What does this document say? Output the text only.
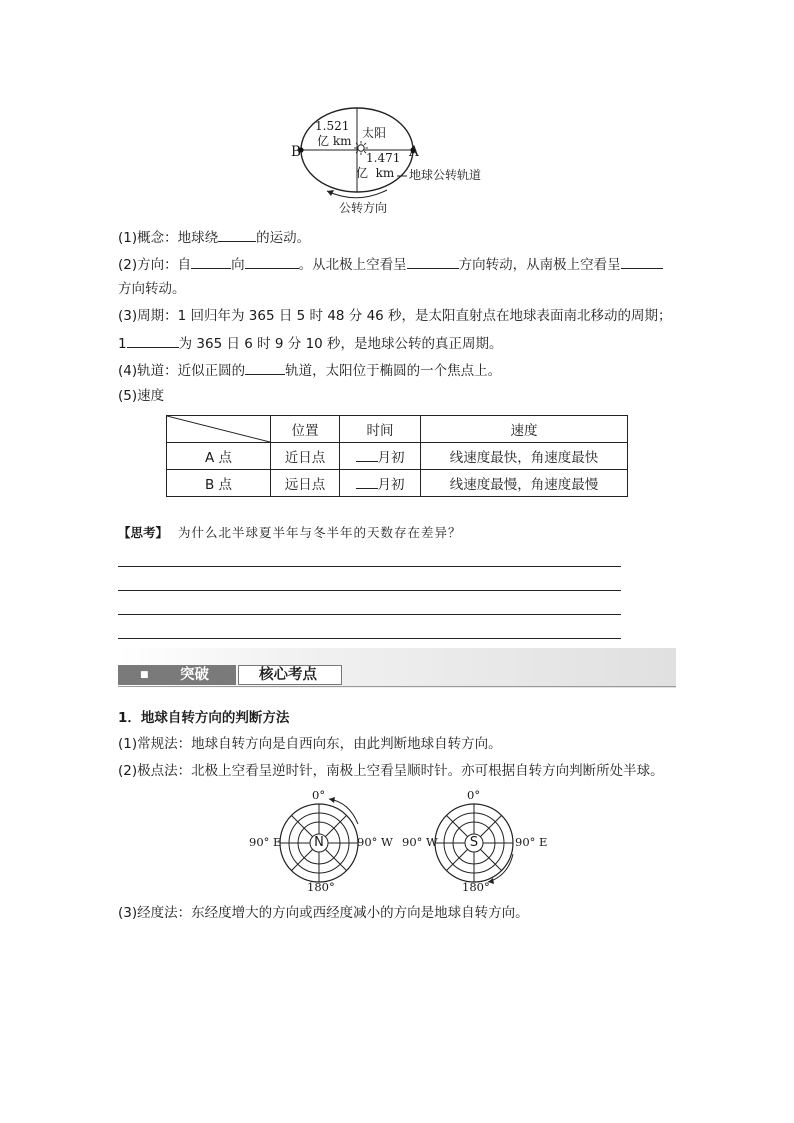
B	A
1.521
亿 km
太阳
1.471
亿  km 地球公转轨道
公转方向
(1)概念：地球绕	的运动。
(2)方向：自	向	。从北极上空看呈	方向转动，从南极上空看呈
方向转动。
(3)周期：1 回归年为 365 日 5 时 48 分 46 秒，是太阳直射点在地球表面南北移动的周期；
1	为 365 日 6 时 9 分 10 秒，是地球公转的真正周期。
(4)轨道：近似正圆的	轨道，太阳位于椭圆的一个焦点上。
(5)速度
	位置	时间	速度
A 点	近日点	月初	线速度最快，角速度最快
B 点	远日点	月初	线速度最慢，角速度最慢
【思考】 为什么北半球夏半年与冬半年的天数存在差异？
■ 突破	核心考点
1．地球自转方向的判断方法
(1)常规法：地球自转方向是自西向东，由此判断地球自转方向。
(2)极点法：北极上空看呈逆时针，南极上空看呈顺时针。亦可根据自转方向判断所处半球。
N
0°
90° E	90° W
180°
S
0°
90° W	90° E
180°
(3)经度法：东经度增大的方向或西经度减小的方向是地球自转方向。
